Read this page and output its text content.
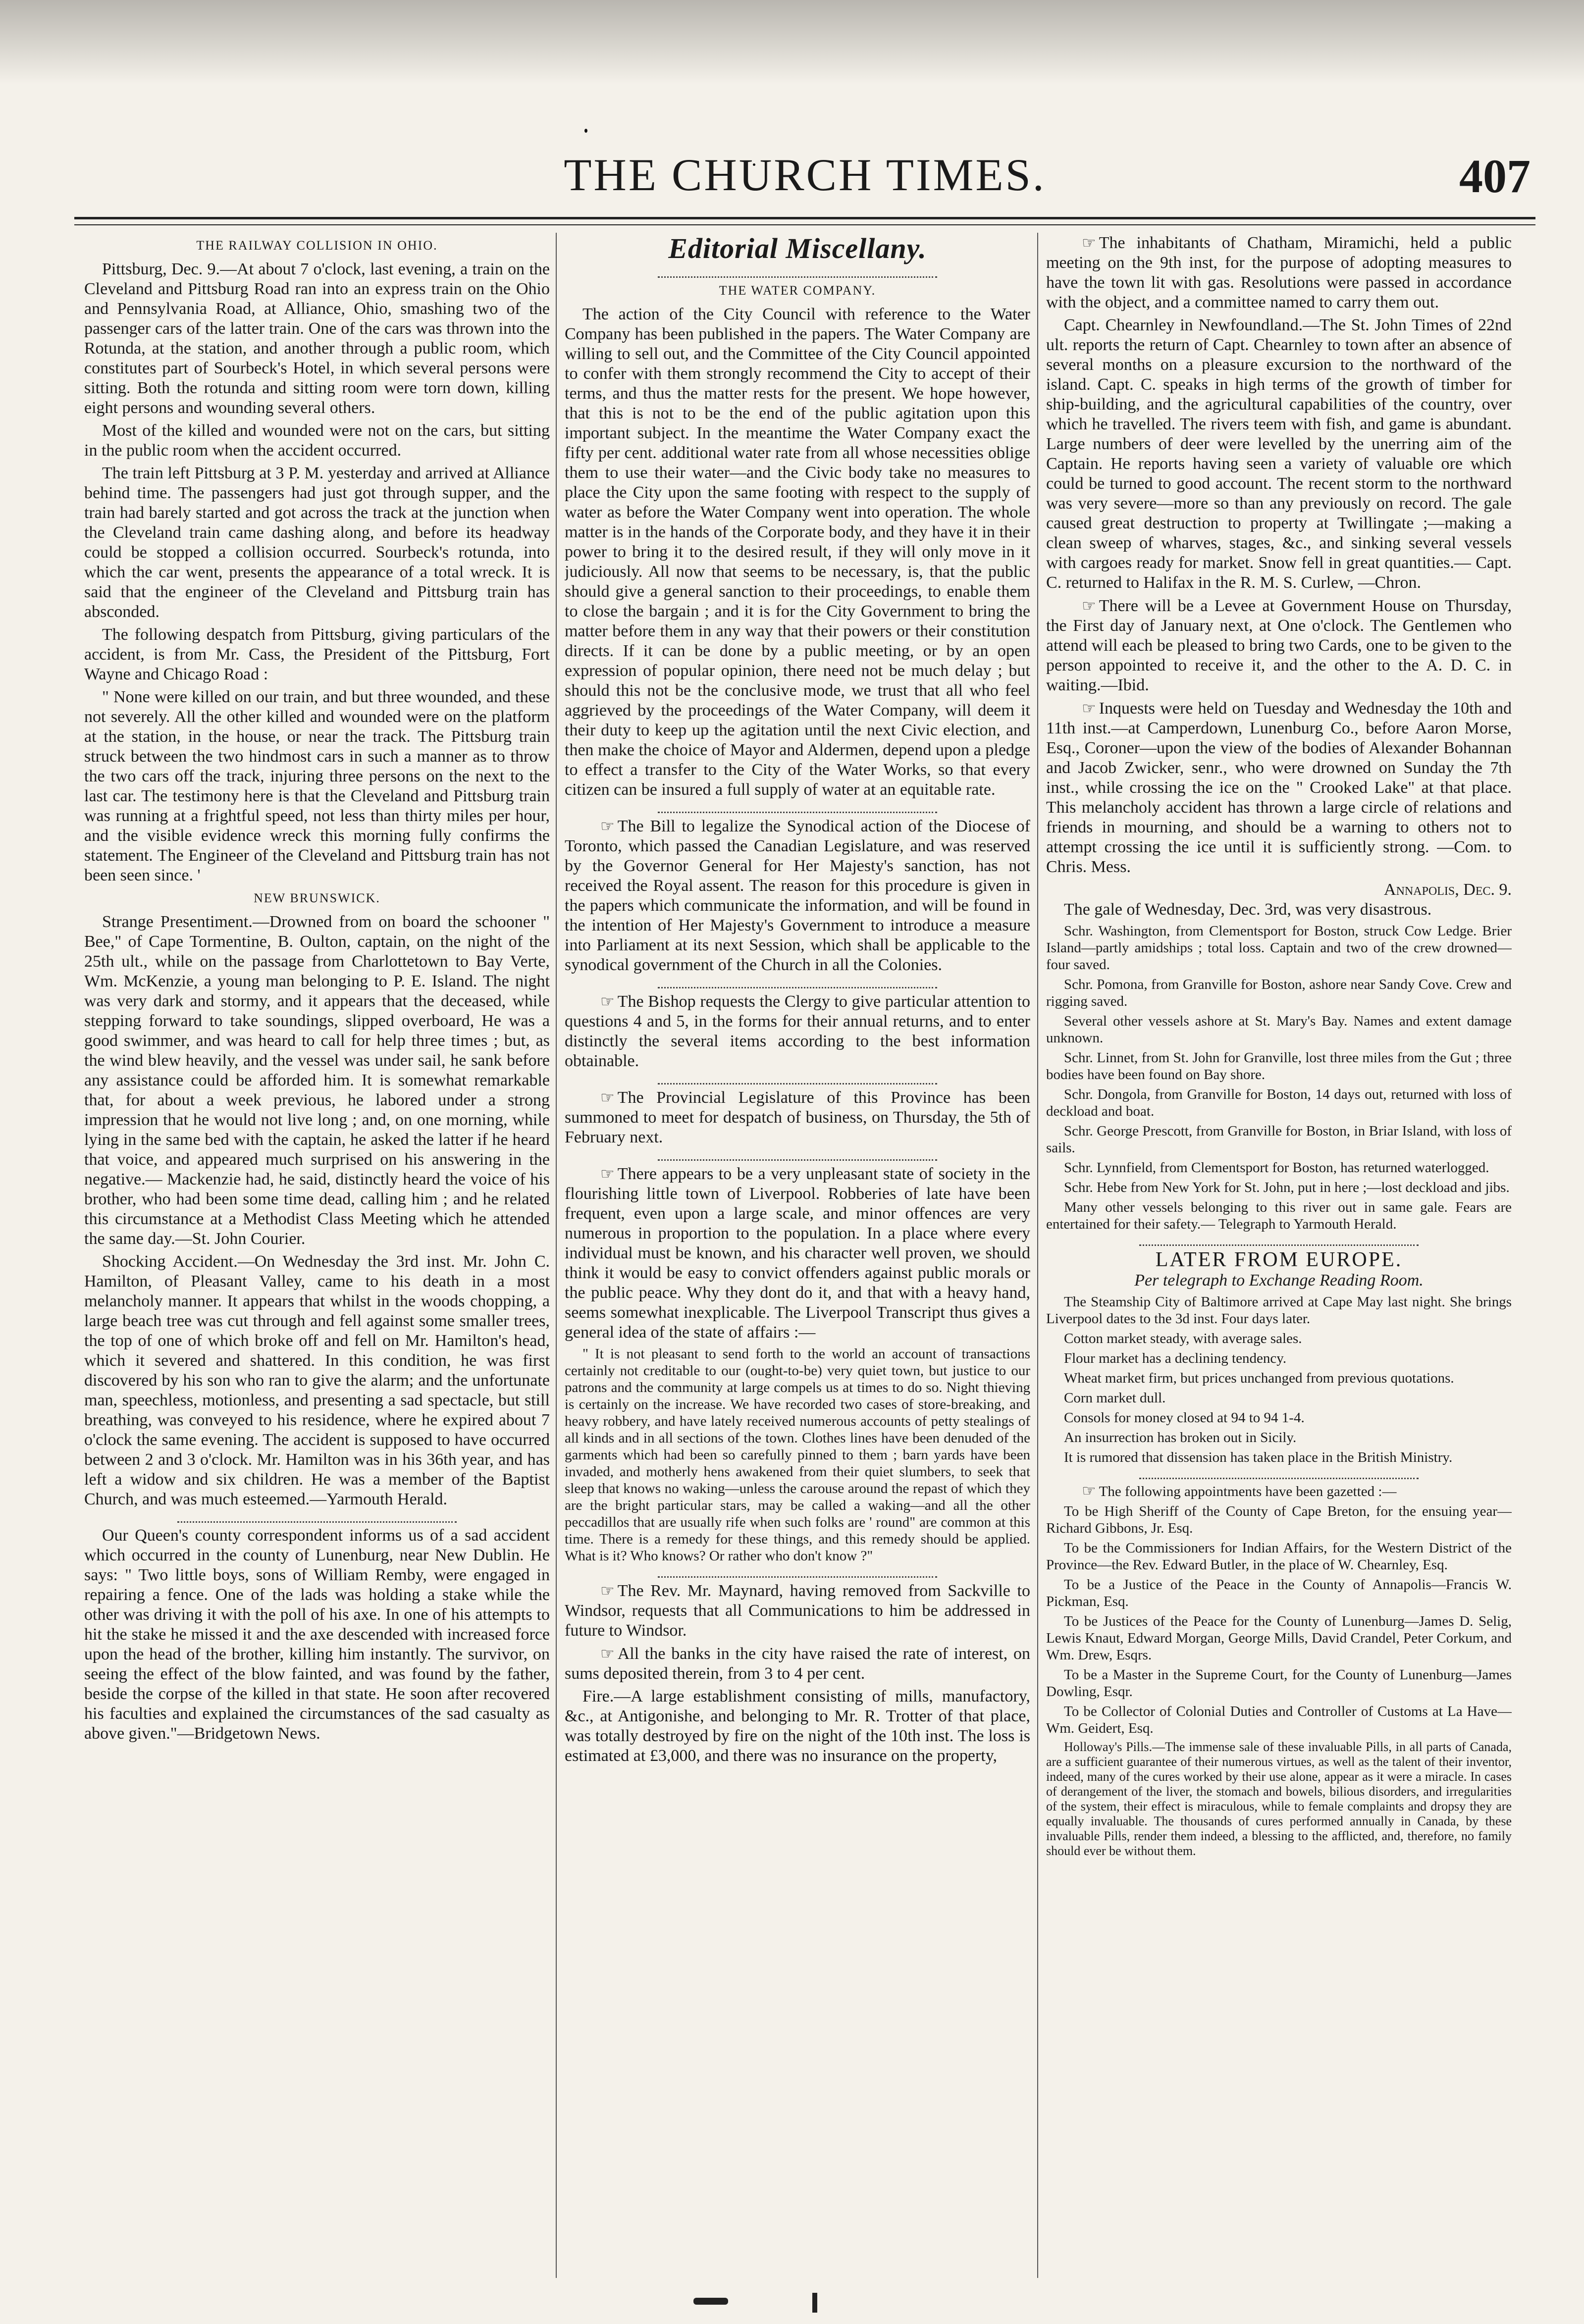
THE CHURCH TIMES.	407
THE RAILWAY COLLISION IN OHIO.

Pittsburg, Dec. 9.—At about 7 o'clock, last evening, a train on the Cleveland and Pittsburg Road ran into an express train on the Ohio and Pennsylvania Road, at Alliance, Ohio, smashing two of the passenger cars of the latter train. One of the cars was thrown into the Rotunda, at the station, and another through a public room, which constitutes part of Sourbeck's Hotel, in which several persons were sitting. Both the rotunda and sitting room were torn down, killing eight persons and wounding several others.

Most of the killed and wounded were not on the cars, but sitting in the public room when the accident occurred.

The train left Pittsburg at 3 P. M. yesterday and arrived at Alliance behind time. The passengers had just got through supper, and the train had barely started and got across the track at the junction when the Cleveland train came dashing along, and before its headway could be stopped a collision occurred. Sourbeck's rotunda, into which the car went, presents the appearance of a total wreck. It is said that the engineer of the Cleveland and Pittsburg train has absconded.

The following despatch from Pittsburg, giving particulars of the accident, is from Mr. Cass, the President of the Pittsburg, Fort Wayne and Chicago Road :

" None were killed on our train, and but three wounded, and these not severely. All the other killed and wounded were on the platform at the station, in the house, or near the track. The Pittsburg train struck between the two hindmost cars in such a manner as to throw the two cars off the track, injuring three persons on the next to the last car. The testimony here is that the Cleveland and Pittsburg train was running at a frightful speed, not less than thirty miles per hour, and the visible evidence wreck this morning fully confirms the statement. The Engineer of the Cleveland and Pittsburg train has not been seen since. '

NEW BRUNSWICK.

Strange Presentiment.—Drowned from on board the schooner " Bee," of Cape Tormentine, B. Oulton, captain, on the night of the 25th ult., while on the passage from Charlottetown to Bay Verte, Wm. McKenzie, a young man belonging to P. E. Island. The night was very dark and stormy, and it appears that the deceased, while stepping forward to take soundings, slipped overboard, He was a good swimmer, and was heard to call for help three times ; but, as the wind blew heavily, and the vessel was under sail, he sank before any assistance could be afforded him. It is somewhat remarkable that, for about a week previous, he labored under a strong impression that he would not live long ; and, on one morning, while lying in the same bed with the captain, he asked the latter if he heard that voice, and appeared much surprised on his answering in the negative.— Mackenzie had, he said, distinctly heard the voice of his brother, who had been some time dead, calling him ; and he related this circumstance at a Methodist Class Meeting which he attended the same day.—St. John Courier.

Shocking Accident.—On Wednesday the 3rd inst. Mr. John C. Hamilton, of Pleasant Valley, came to his death in a most melancholy manner. It appears that whilst in the woods chopping, a large beach tree was cut through and fell against some smaller trees, the top of one of which broke off and fell on Mr. Hamilton's head, which it severed and shattered. In this condition, he was first discovered by his son who ran to give the alarm; and the unfortunate man, speechless, motionless, and presenting a sad spectacle, but still breathing, was conveyed to his residence, where he expired about 7 o'clock the same evening. The accident is supposed to have occurred between 2 and 3 o'clock. Mr. Hamilton was in his 36th year, and has left a widow and six children. He was a member of the Baptist Church, and was much esteemed.—Yarmouth Herald.

Our Queen's county correspondent informs us of a sad accident which occurred in the county of Lunenburg, near New Dublin. He says: " Two little boys, sons of William Remby, were engaged in repairing a fence. One of the lads was holding a stake while the other was driving it with the poll of his axe. In one of his attempts to hit the stake he missed it and the axe descended with increased force upon the head of the brother, killing him instantly. The survivor, on seeing the effect of the blow fainted, and was found by the father, beside the corpse of the killed in that state. He soon after recovered his faculties and explained the circumstances of the sad casualty as above given."—Bridgetown News.

Editorial Miscellany.
THE WATER COMPANY.

The action of the City Council with reference to the Water Company has been published in the papers. The Water Company are willing to sell out, and the Committee of the City Council appointed to confer with them strongly recommend the City to accept of their terms, and thus the matter rests for the present. We hope however, that this is not to be the end of the public agitation upon this important subject. In the meantime the Water Company exact the fifty per cent. additional water rate from all whose necessities oblige them to use their water—and the Civic body take no measures to place the City upon the same footing with respect to the supply of water as before the Water Company went into operation. The whole matter is in the hands of the Corporate body, and they have it in their power to bring it to the desired result, if they will only move in it judiciously. All now that seems to be necessary, is, that the public should give a general sanction to their proceedings, to enable them to close the bargain ; and it is for the City Government to bring the matter before them in any way that their powers or their constitution directs. If it can be done by a public meeting, or by an open expression of popular opinion, there need not be much delay ; but should this not be the conclusive mode, we trust that all who feel aggrieved by the proceedings of the Water Company, will deem it their duty to keep up the agitation until the next Civic election, and then make the choice of Mayor and Aldermen, depend upon a pledge to effect a transfer to the City of the Water Works, so that every citizen can be insured a full supply of water at an equitable rate.

☞ The Bill to legalize the Synodical action of the Diocese of Toronto, which passed the Canadian Legislature, and was reserved by the Governor General for Her Majesty's sanction, has not received the Royal assent. The reason for this procedure is given in the papers which communicate the information, and will be found in the intention of Her Majesty's Government to introduce a measure into Parliament at its next Session, which shall be applicable to the synodical government of the Church in all the Colonies.

☞ The Bishop requests the Clergy to give particular attention to questions 4 and 5, in the forms for their annual returns, and to enter distinctly the several items according to the best information obtainable.

☞ The Provincial Legislature of this Province has been summoned to meet for despatch of business, on Thursday, the 5th of February next.

☞ There appears to be a very unpleasant state of society in the flourishing little town of Liverpool. Robberies of late have been frequent, even upon a large scale, and minor offences are very numerous in proportion to the population. In a place where every individual must be known, and his character well proven, we should think it would be easy to convict offenders against public morals or the public peace. Why they dont do it, and that with a heavy hand, seems somewhat inexplicable. The Liverpool Transcript thus gives a general idea of the state of affairs :—

" It is not pleasant to send forth to the world an account of transactions certainly not creditable to our (ought-to-be) very quiet town, but justice to our patrons and the community at large compels us at times to do so. Night thieving is certainly on the increase. We have recorded two cases of store-breaking, and heavy robbery, and have lately received numerous accounts of petty stealings of all kinds and in all sections of the town. Clothes lines have been denuded of the garments which had been so carefully pinned to them ; barn yards have been invaded, and motherly hens awakened from their quiet slumbers, to seek that sleep that knows no waking—unless the carouse around the repast of which they are the bright particular stars, may be called a waking—and all the other peccadillos that are usually rife when such folks are ' round" are common at this time. There is a remedy for these things, and this remedy should be applied. What is it? Who knows? Or rather who don't know ?"

☞ The Rev. Mr. Maynard, having removed from Sackville to Windsor, requests that all Communications to him be addressed in future to Windsor.

☞ All the banks in the city have raised the rate of interest, on sums deposited therein, from 3 to 4 per cent.

Fire.—A large establishment consisting of mills, manufactory, &c., at Antigonishe, and belonging to Mr. R. Trotter of that place, was totally destroyed by fire on the night of the 10th inst. The loss is estimated at £3,000, and there was no insurance on the property,

☞ The inhabitants of Chatham, Miramichi, held a public meeting on the 9th inst, for the purpose of adopting measures to have the town lit with gas. Resolutions were passed in accordance with the object, and a committee named to carry them out.

Capt. Chearnley in Newfoundland.—The St. John Times of 22nd ult. reports the return of Capt. Chearnley to town after an absence of several months on a pleasure excursion to the northward of the island. Capt. C. speaks in high terms of the growth of timber for ship-building, and the agricultural capabilities of the country, over which he travelled. The rivers teem with fish, and game is abundant. Large numbers of deer were levelled by the unerring aim of the Captain. He reports having seen a variety of valuable ore which could be turned to good account. The recent storm to the northward was very severe—more so than any previously on record. The gale caused great destruction to property at Twillingate ;—making a clean sweep of wharves, stages, &c., and sinking several vessels with cargoes ready for market. Snow fell in great quantities.— Capt. C. returned to Halifax in the R. M. S. Curlew, —Chron.

☞ There will be a Levee at Government House on Thursday, the First day of January next, at One o'clock. The Gentlemen who attend will each be pleased to bring two Cards, one to be given to the person appointed to receive it, and the other to the A. D. C. in waiting.—Ibid.

☞ Inquests were held on Tuesday and Wednesday the 10th and 11th inst.—at Camperdown, Lunenburg Co., before Aaron Morse, Esq., Coroner—upon the view of the bodies of Alexander Bohannan and Jacob Zwicker, senr., who were drowned on Sunday the 7th inst., while crossing the ice on the " Crooked Lake" at that place. This melancholy accident has thrown a large circle of relations and friends in mourning, and should be a warning to others not to attempt crossing the ice until it is sufficiently strong. —Com. to Chris. Mess.

Annapolis, Dec. 9.

The gale of Wednesday, Dec. 3rd, was very disastrous.

Schr. Washington, from Clementsport for Boston, struck Cow Ledge. Brier Island—partly amidships ; total loss. Captain and two of the crew drowned—four saved.

Schr. Pomona, from Granville for Boston, ashore near Sandy Cove. Crew and rigging saved.

Several other vessels ashore at St. Mary's Bay. Names and extent damage unknown.

Schr. Linnet, from St. John for Granville, lost three miles from the Gut ; three bodies have been found on Bay shore.

Schr. Dongola, from Granville for Boston, 14 days out, returned with loss of deckload and boat.

Schr. George Prescott, from Granville for Boston, in Briar Island, with loss of sails.

Schr. Lynnfield, from Clementsport for Boston, has returned waterlogged.

Schr. Hebe from New York for St. John, put in here ;—lost deckload and jibs.

Many other vessels belonging to this river out in same gale. Fears are entertained for their safety.— Telegraph to Yarmouth Herald.

LATER FROM EUROPE.
Per telegraph to Exchange Reading Room.

The Steamship City of Baltimore arrived at Cape May last night. She brings Liverpool dates to the 3d inst. Four days later.

Cotton market steady, with average sales.

Flour market has a declining tendency.

Wheat market firm, but prices unchanged from previous quotations.

Corn market dull.

Consols for money closed at 94 to 94 1-4.

An insurrection has broken out in Sicily.

It is rumored that dissension has taken place in the British Ministry.

☞ The following appointments have been gazetted :—

To be High Sheriff of the County of Cape Breton, for the ensuing year—Richard Gibbons, Jr. Esq.

To be the Commissioners for Indian Affairs, for the Western District of the Province—the Rev. Edward Butler, in the place of W. Chearnley, Esq.

To be a Justice of the Peace in the County of Annapolis—Francis W. Pickman, Esq.

To be Justices of the Peace for the County of Lunenburg—James D. Selig, Lewis Knaut, Edward Morgan, George Mills, David Crandel, Peter Corkum, and Wm. Drew, Esqrs.

To be a Master in the Supreme Court, for the County of Lunenburg—James Dowling, Esqr.

To be Collector of Colonial Duties and Controller of Customs at La Have—Wm. Geidert, Esq.

Holloway's Pills.—The immense sale of these invaluable Pills, in all parts of Canada, are a sufficient guarantee of their numerous virtues, as well as the talent of their inventor, indeed, many of the cures worked by their use alone, appear as it were a miracle. In cases of derangement of the liver, the stomach and bowels, bilious disorders, and irregularities of the system, their effect is miraculous, while to female complaints and dropsy they are equally invaluable. The thousands of cures performed annually in Canada, by these invaluable Pills, render them indeed, a blessing to the afflicted, and, therefore, no family should ever be without them.
